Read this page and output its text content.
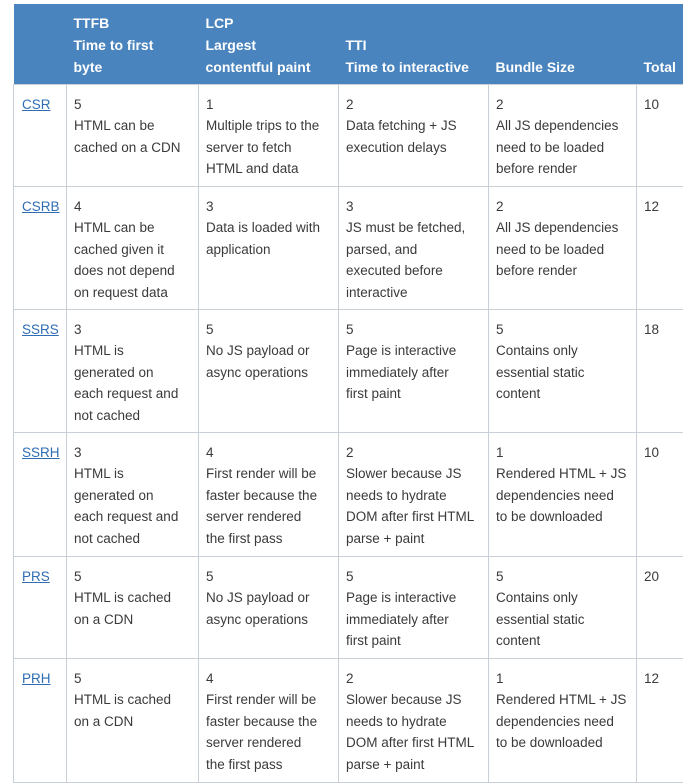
	TTFB
Time to first
byte	LCP
Largest
contentful paint	TTI
Time to interactive	Bundle Size	Total

CSR	5
HTML can be
cached on a CDN	1
Multiple trips to the
server to fetch
HTML and data	2
Data fetching + JS
execution delays	2
All JS dependencies
need to be loaded
before render	10

CSRB	4
HTML can be
cached given it
does not depend
on request data	3
Data is loaded with
application	3
JS must be fetched,
parsed, and
executed before
interactive	2
All JS dependencies
need to be loaded
before render	12

SSRS	3
HTML is
generated on
each request and
not cached	5
No JS payload or
async operations	5
Page is interactive
immediately after
first paint	5
Contains only
essential static
content	18

SSRH	3
HTML is
generated on
each request and
not cached	4
First render will be
faster because the
server rendered
the first pass	2
Slower because JS
needs to hydrate
DOM after first HTML
parse + paint	1
Rendered HTML + JS
dependencies need
to be downloaded	10

PRS	5
HTML is cached
on a CDN	5
No JS payload or
async operations	5
Page is interactive
immediately after
first paint	5
Contains only
essential static
content	20

PRH	5
HTML is cached
on a CDN	4
First render will be
faster because the
server rendered
the first pass	2
Slower because JS
needs to hydrate
DOM after first HTML
parse + paint	1
Rendered HTML + JS
dependencies need
to be downloaded	12
